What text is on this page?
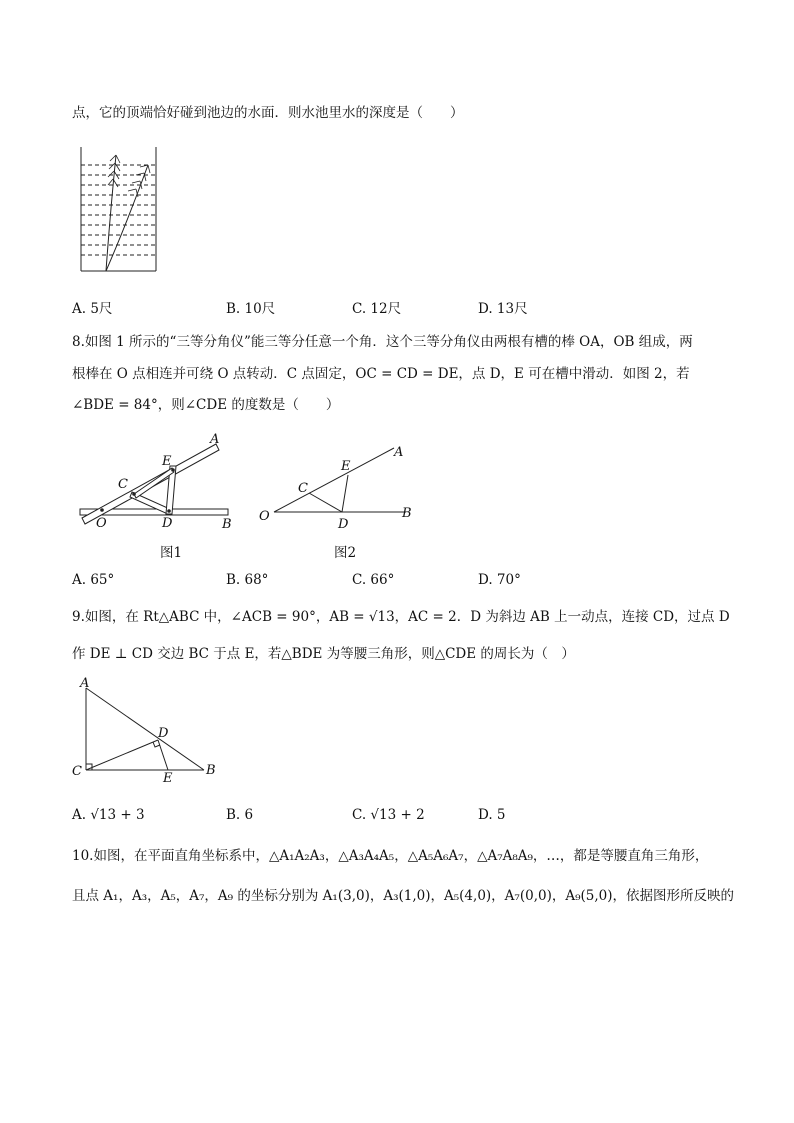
点，它的顶端恰好碰到池边的水面．则水池里水的深度是（　　）
A. 5尺	B. 10尺	C. 12尺	D. 13尺
8.如图 1 所示的“三等分角仪”能三等分任意一个角．这个三等分角仪由两根有槽的棒 OA，OB 组成，两
根棒在 O 点相连并可绕 O 点转动．C 点固定，OC = CD = DE，点 D，E 可在槽中滑动．如图 2，若
∠BDE = 84°，则∠CDE 的度数是（　　）
A
E
C
O	D	B
图1
A
E
C
O
D
B
图2
A. 65°	B. 68°	C. 66°	D. 70°
9.如图，在 Rt△ABC 中，∠ACB = 90°，AB = √13，AC = 2．D 为斜边 AB 上一动点，连接 CD，过点 D
作 DE ⊥ CD 交边 BC 于点 E，若△BDE 为等腰三角形，则△CDE 的周长为（　）
A
D
C	E
B
A. √13 + 3	B. 6	C. √13 + 2	D. 5
10.如图，在平面直角坐标系中，△A₁A₂A₃，△A₃A₄A₅，△A₅A₆A₇，△A₇A₈A₉，…，都是等腰直角三角形，
且点 A₁，A₃，A₅，A₇，A₉ 的坐标分别为 A₁(3,0)，A₃(1,0)，A₅(4,0)，A₇(0,0)，A₉(5,0)，依据图形所反映的
